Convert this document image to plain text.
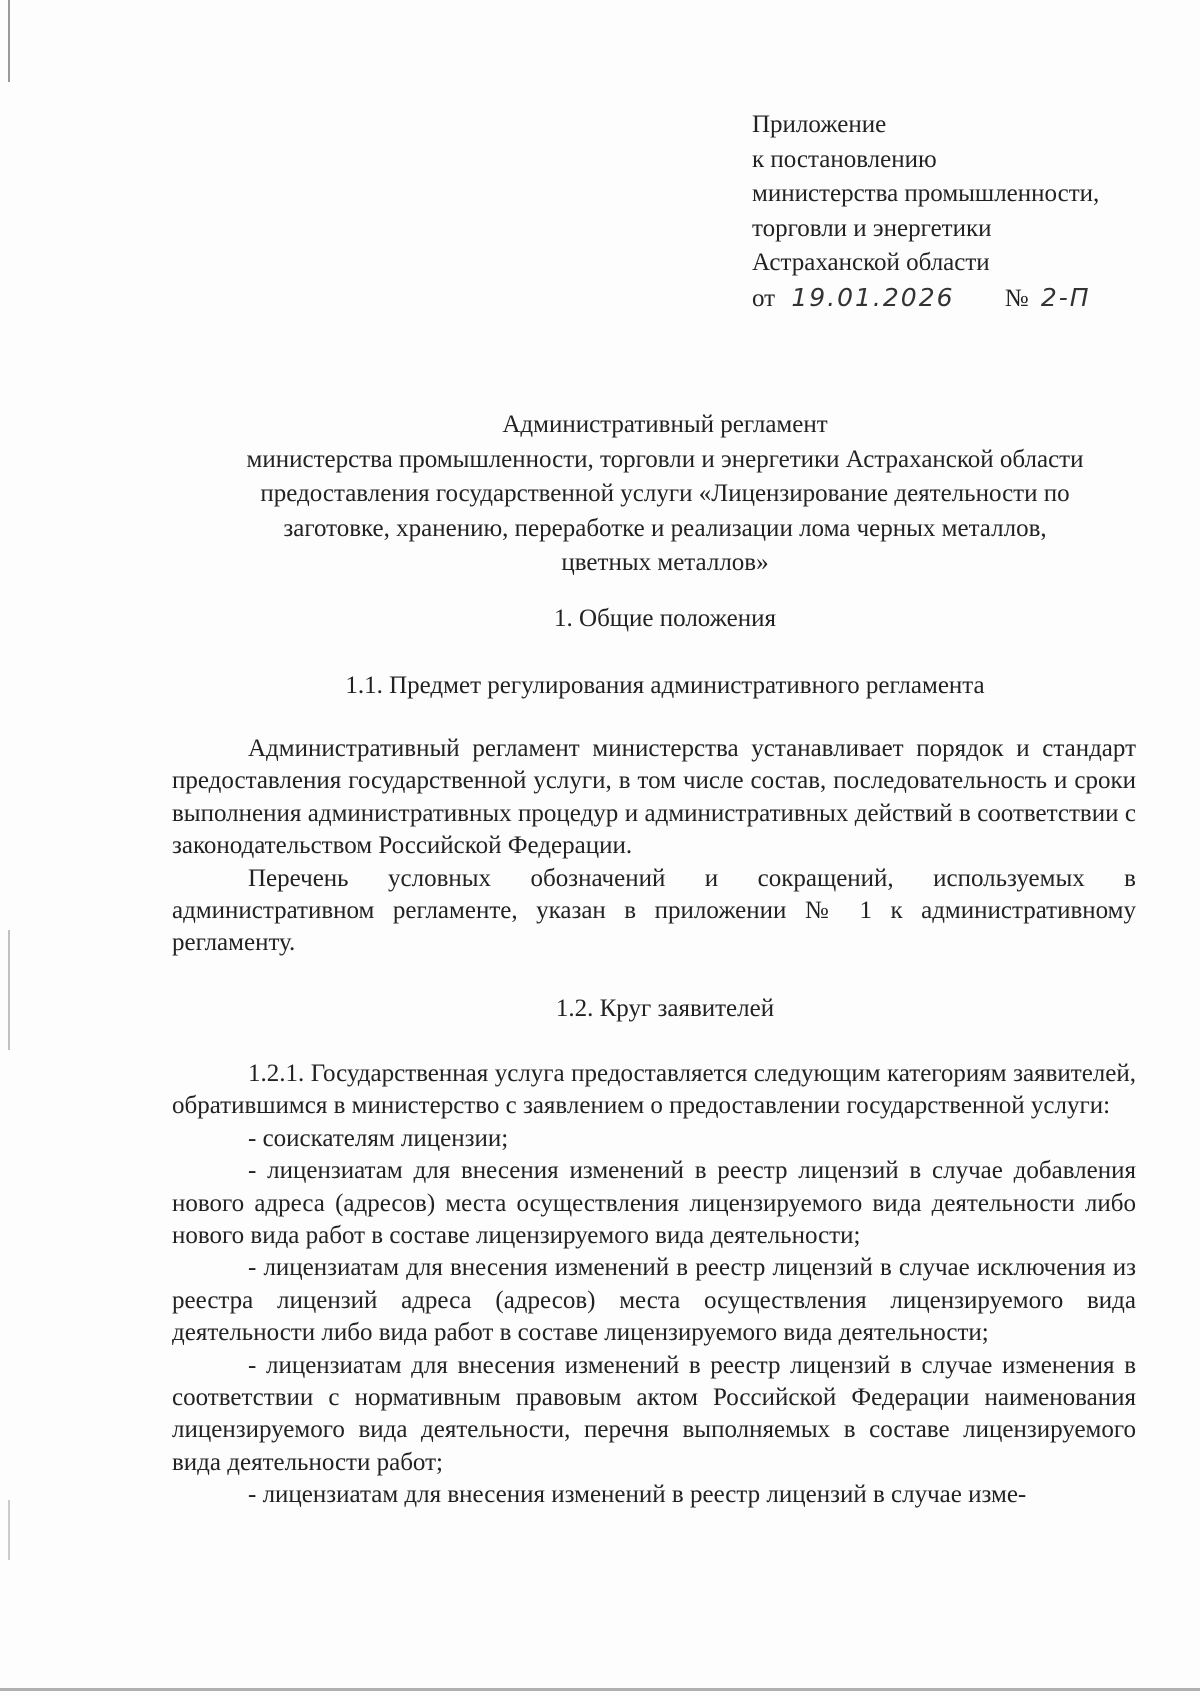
Приложение
к постановлению
министерства промышленности,
торговли и энергетики
Астраханской области
от 19.01.2026 № 2-П
Административный регламент
министерства промышленности, торговли и энергетики Астраханской области
предоставления государственной услуги «Лицензирование деятельности по
заготовке, хранению, переработке и реализации лома черных металлов,
цветных металлов»
1. Общие положения
1.1. Предмет регулирования административного регламента

Административный регламент министерства устанавливает порядок и стандарт предоставления государственной услуги, в том числе состав, последовательность и сроки выполнения административных процедур и административных действий в соответствии с законодательством Российской Федерации.

Перечень условных обозначений и сокращений, используемых в административном регламенте, указан в приложении № 1 к административному регламенту.

1.2. Круг заявителей

1.2.1. Государственная услуга предоставляется следующим категориям заявителей, обратившимся в министерство с заявлением о предоставлении государственной услуги:

- соискателям лицензии;

- лицензиатам для внесения изменений в реестр лицензий в случае добавления нового адреса (адресов) места осуществления лицензируемого вида деятельности либо нового вида работ в составе лицензируемого вида деятельности;

- лицензиатам для внесения изменений в реестр лицензий в случае исключения из реестра лицензий адреса (адресов) места осуществления лицензируемого вида деятельности либо вида работ в составе лицензируемого вида деятельности;

- лицензиатам для внесения изменений в реестр лицензий в случае изменения в соответствии с нормативным правовым актом Российской Федерации наименования лицензируемого вида деятельности, перечня выполняемых в составе лицензируемого вида деятельности работ;

- лицензиатам для внесения изменений в реестр лицензий в случае изме-
